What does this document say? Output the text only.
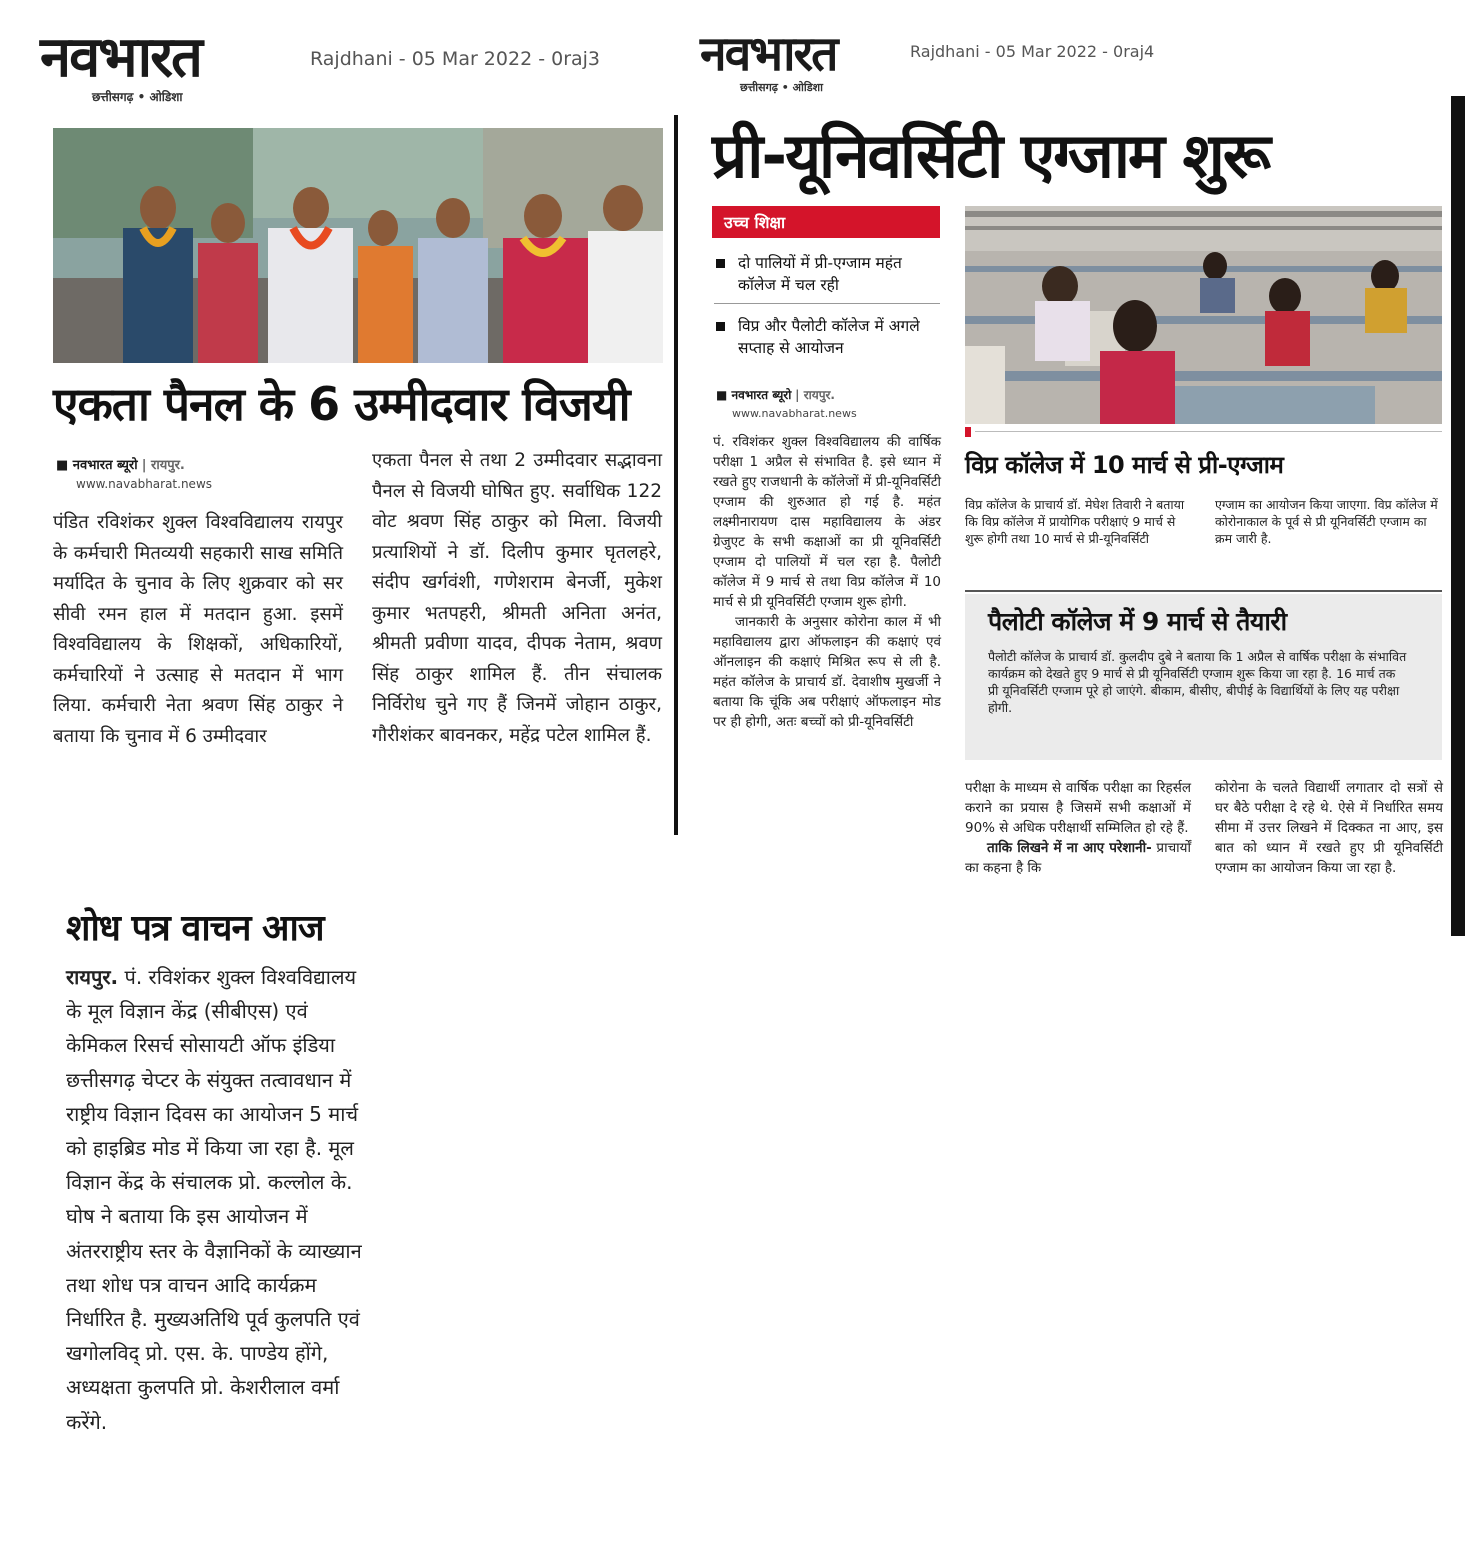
नवभारत
छत्तीसगढ़ • ओडिशा
Rajdhani - 05 Mar 2022 - 0raj3
एकता पैनल के 6 उम्मीदवार विजयी
■ नवभारत ब्यूरो | रायपुर.
www.navabharat.news
पंडित रविशंकर शुक्ल विश्वविद्यालय रायपुर के कर्मचारी मितव्ययी सहकारी साख समिति मर्यादित के चुनाव के लिए शुक्रवार को सर सीवी रमन हाल में मतदान हुआ. इसमें विश्वविद्यालय के शिक्षकों, अधिकारियों, कर्मचारियों ने उत्साह से मतदान में भाग लिया. कर्मचारी नेता श्रवण सिंह ठाकुर ने बताया कि चुनाव में 6 उम्मीदवार
एकता पैनल से तथा 2 उम्मीदवार सद्भावना पैनल से विजयी घोषित हुए. सर्वाधिक 122 वोट श्रवण सिंह ठाकुर को मिला. विजयी प्रत्याशियों ने डॉ. दिलीप कुमार घृतलहरे, संदीप खर्गवंशी, गणेशराम बेनर्जी, मुकेश कुमार भतपहरी, श्रीमती अनिता अनंत, श्रीमती प्रवीणा यादव, दीपक नेताम, श्रवण सिंह ठाकुर शामिल हैं. तीन संचालक निर्विरोध चुने गए हैं जिनमें जोहान ठाकुर, गौरीशंकर बावनकर, महेंद्र पटेल शामिल हैं.
शोध पत्र वाचन आज
रायपुर. पं. रविशंकर शुक्ल विश्वविद्यालय के मूल विज्ञान केंद्र (सीबीएस) एवं केमिकल रिसर्च सोसायटी ऑफ इंडिया छत्तीसगढ़ चेप्टर के संयुक्त तत्वावधान में राष्ट्रीय विज्ञान दिवस का आयोजन 5 मार्च को हाइब्रिड मोड में किया जा रहा है. मूल विज्ञान केंद्र के संचालक प्रो. कल्लोल के. घोष ने बताया कि इस आयोजन में अंतरराष्ट्रीय स्तर के वैज्ञानिकों के व्याख्यान तथा शोध पत्र वाचन आदि कार्यक्रम निर्धारित है. मुख्यअतिथि पूर्व कुलपति एवं खगोलविद् प्रो. एस. के. पाण्डेय होंगे, अध्यक्षता कुलपति प्रो. केशरीलाल वर्मा करेंगे.
नवभारत
छत्तीसगढ़ • ओडिशा
Rajdhani - 05 Mar 2022 - 0raj4
प्री-यूनिवर्सिटी एग्जाम शुरू
उच्च शिक्षा
दो पालियों में प्री-एग्जाम महंत कॉलेज में चल रही
विप्र और पैलोटी कॉलेज में अगले सप्ताह से आयोजन
■ नवभारत ब्यूरो | रायपुर.
www.navabharat.news
पं. रविशंकर शुक्ल विश्वविद्यालय की वार्षिक परीक्षा 1 अप्रैल से संभावित है. इसे ध्यान में रखते हुए राजधानी के कॉलेजों में प्री-यूनिवर्सिटी एग्जाम की शुरुआत हो गई है. महंत लक्ष्मीनारायण दास महाविद्यालय के अंडर ग्रेजुएट के सभी कक्षाओं का प्री यूनिवर्सिटी एग्जाम दो पालियों में चल रहा है. पैलोटी कॉलेज में 9 मार्च से तथा विप्र कॉलेज में 10 मार्च से प्री यूनिवर्सिटी एग्जाम शुरू होगी.
जानकारी के अनुसार कोरोना काल में भी महाविद्यालय द्वारा ऑफलाइन की कक्षाएं एवं ऑनलाइन की कक्षाएं मिश्रित रूप से ली है. महंत कॉलेज के प्राचार्य डॉ. देवाशीष मुखर्जी ने बताया कि चूंकि अब परीक्षाएं ऑफलाइन मोड पर ही होगी, अतः बच्चों को प्री-यूनिवर्सिटी
विप्र कॉलेज में 10 मार्च से प्री-एग्जाम
विप्र कॉलेज के प्राचार्य डॉ. मेघेश तिवारी ने बताया कि विप्र कॉलेज में प्रायोगिक परीक्षाएं 9 मार्च से शुरू होगी तथा 10 मार्च से प्री-यूनिवर्सिटी
एग्जाम का आयोजन किया जाएगा. विप्र कॉलेज में कोरोनाकाल के पूर्व से प्री यूनिवर्सिटी एग्जाम का क्रम जारी है.
पैलोटी कॉलेज में 9 मार्च से तैयारी
पैलोटी कॉलेज के प्राचार्य डॉ. कुलदीप दुबे ने बताया कि 1 अप्रैल से वार्षिक परीक्षा के संभावित कार्यक्रम को देखते हुए 9 मार्च से प्री यूनिवर्सिटी एग्जाम शुरू किया जा रहा है. 16 मार्च तक प्री यूनिवर्सिटी एग्जाम पूरे हो जाएंगे. बीकाम, बीसीए, बीपीई के विद्यार्थियों के लिए यह परीक्षा होगी.
परीक्षा के माध्यम से वार्षिक परीक्षा का रिहर्सल कराने का प्रयास है जिसमें सभी कक्षाओं में 90% से अधिक परीक्षार्थी सम्मिलित हो रहे हैं.
ताकि लिखने में ना आए परेशानी- प्राचार्यों का कहना है कि
कोरोना के चलते विद्यार्थी लगातार दो सत्रों से घर बैठे परीक्षा दे रहे थे. ऐसे में निर्धारित समय सीमा में उत्तर लिखने में दिक्कत ना आए, इस बात को ध्यान में रखते हुए प्री यूनिवर्सिटी एग्जाम का आयोजन किया जा रहा है.
